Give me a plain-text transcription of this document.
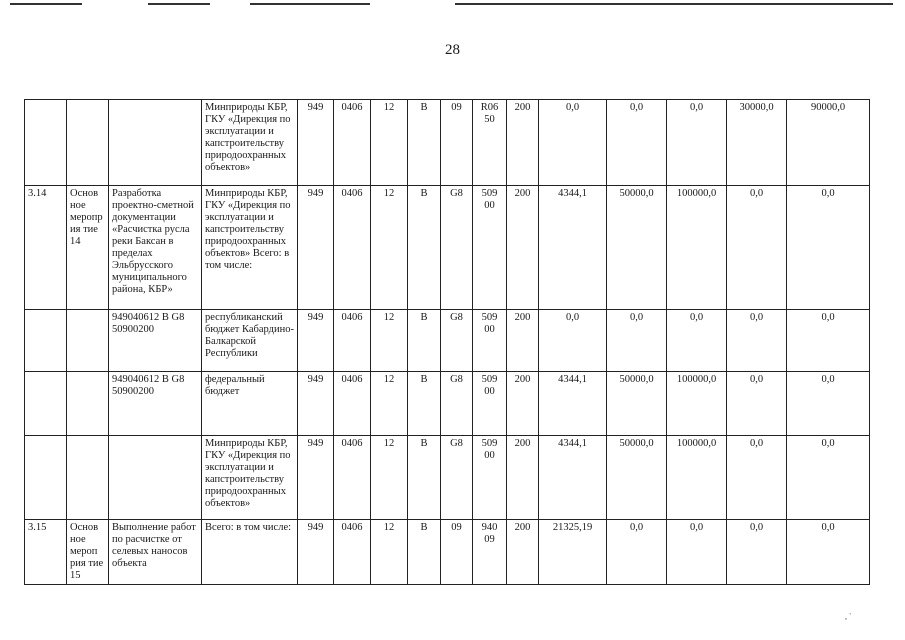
28
			Минприроды КБР, ГКУ «Дирекция по эксплуатации и капстроительству природоохранных объектов»	949	0406	12	В	09	R06 50	200	0,0	0,0	0,0	30000,0	90000,0
3.14	Основ ное меропр ия тие 14	Разработка проектно-сметной документации «Расчистка русла реки Баксан в пределах Эльбрусского муниципального района, КБР»	Минприроды КБР, ГКУ «Дирекция по эксплуатации и капстроительству природоохранных объектов» Всего: в том числе:	949	0406	12	В	G8	509 00	200	4344,1	50000,0	100000,0	0,0	0,0
		949040612 В G8 50900200	республиканский бюджет Кабардино-Балкарской Республики	949	0406	12	В	G8	509 00	200	0,0	0,0	0,0	0,0	0,0
		949040612 В G8 50900200	федеральный бюджет	949	0406	12	В	G8	509 00	200	4344,1	50000,0	100000,0	0,0	0,0
			Минприроды КБР, ГКУ «Дирекция по эксплуатации и капстроительству природоохранных объектов»	949	0406	12	В	G8	509 00	200	4344,1	50000,0	100000,0	0,0	0,0
3.15	Основ ное мероп рия тие 15	Выполнение работ по расчистке от селевых наносов объекта	Всего: в том числе:	949	0406	12	В	09	940 09	200	21325,19	0,0	0,0	0,0	0,0
, `
